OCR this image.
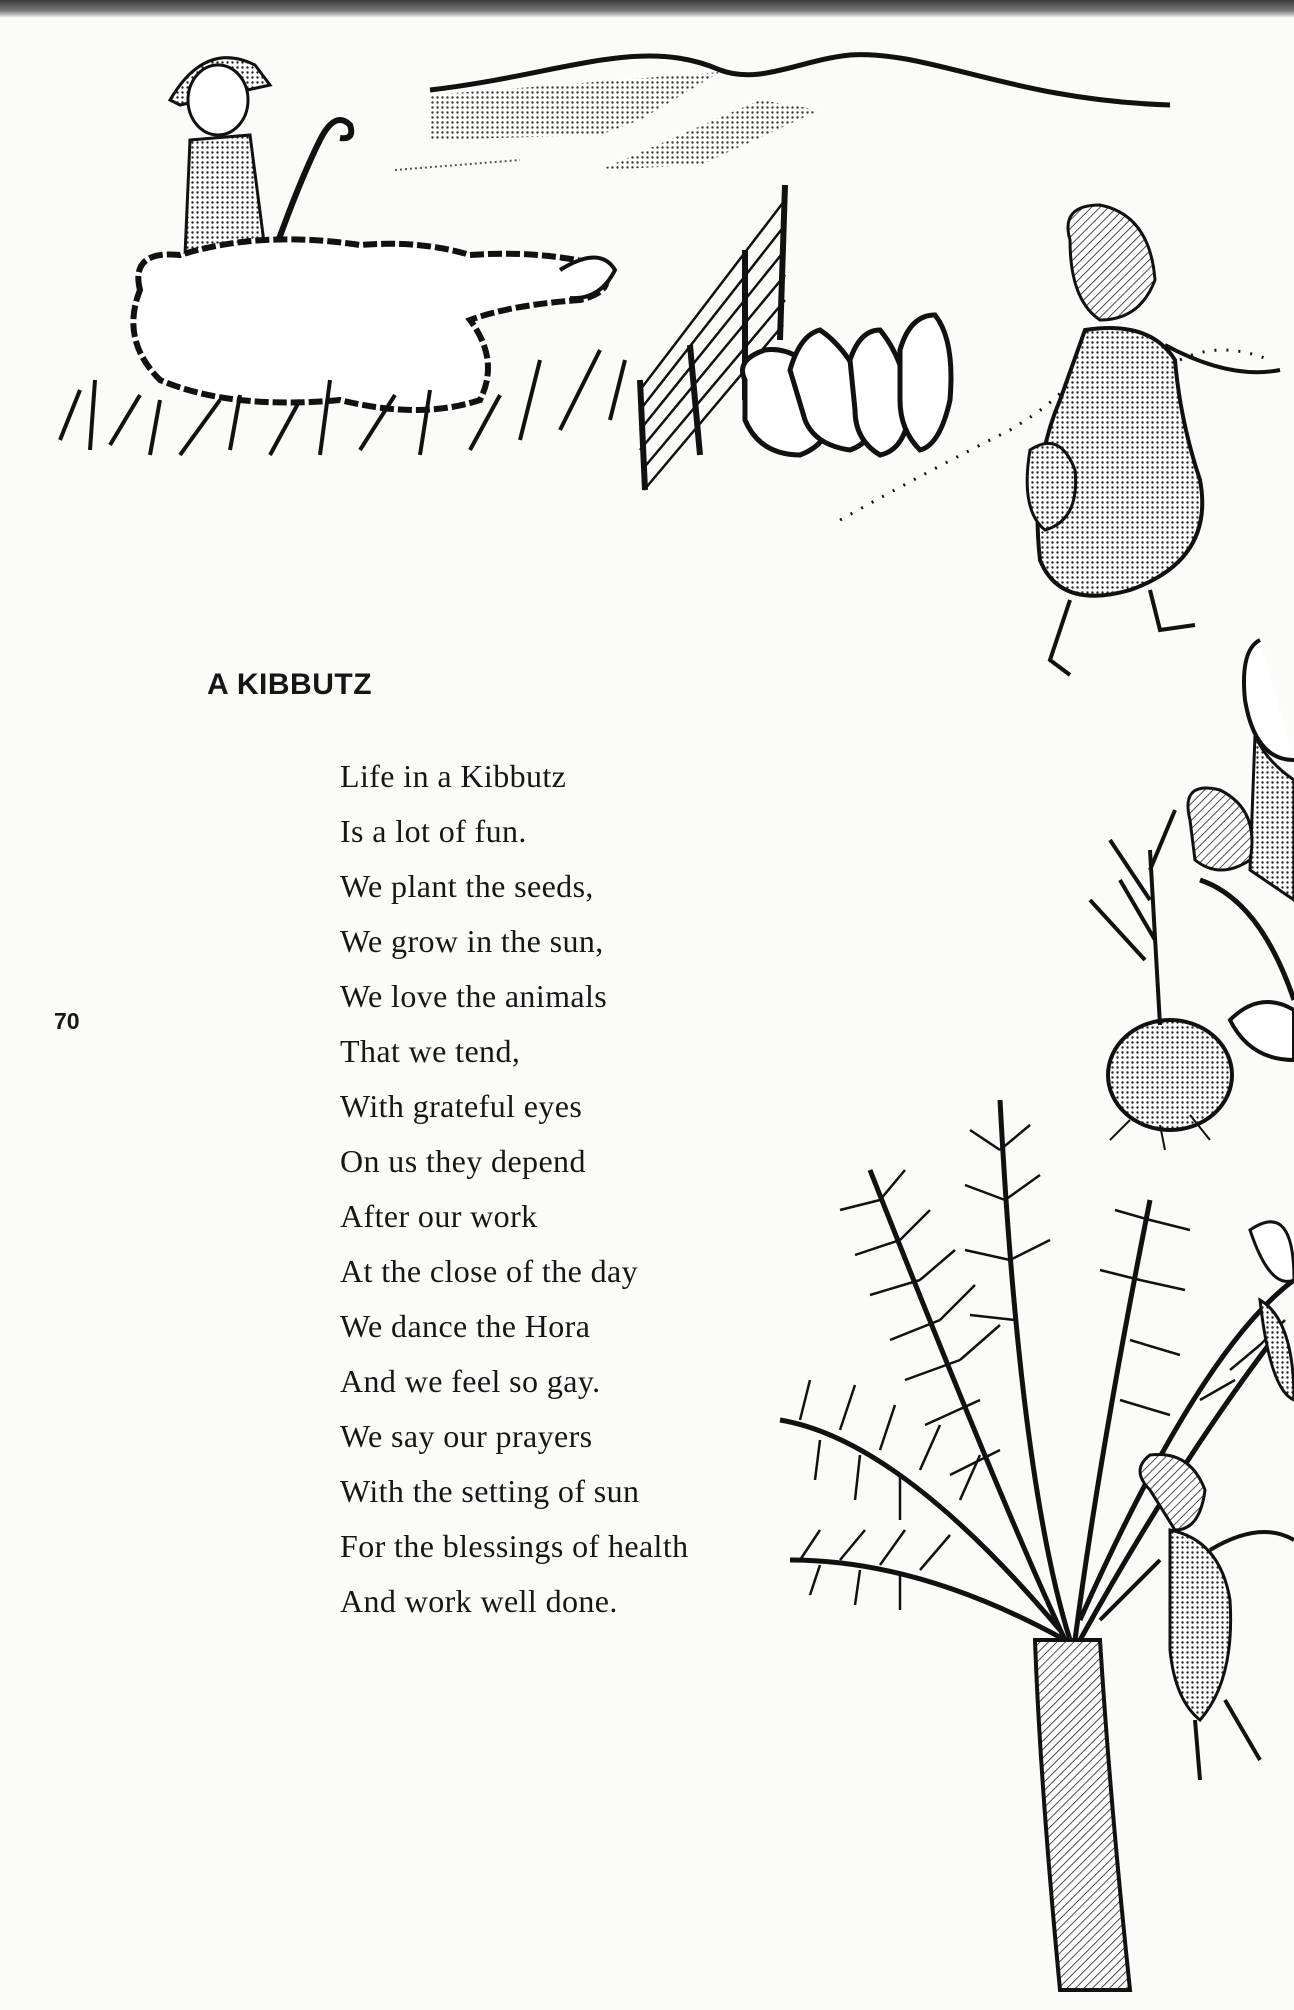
A KIBBUTZ
Life in a Kibbutz
Is a lot of fun.
We plant the seeds,
We grow in the sun,
We love the animals
That we tend,
With grateful eyes
On us they depend
After our work
At the close of the day
We dance the Hora
And we feel so gay.
We say our prayers
With the setting of sun
For the blessings of health
And work well done.
70
